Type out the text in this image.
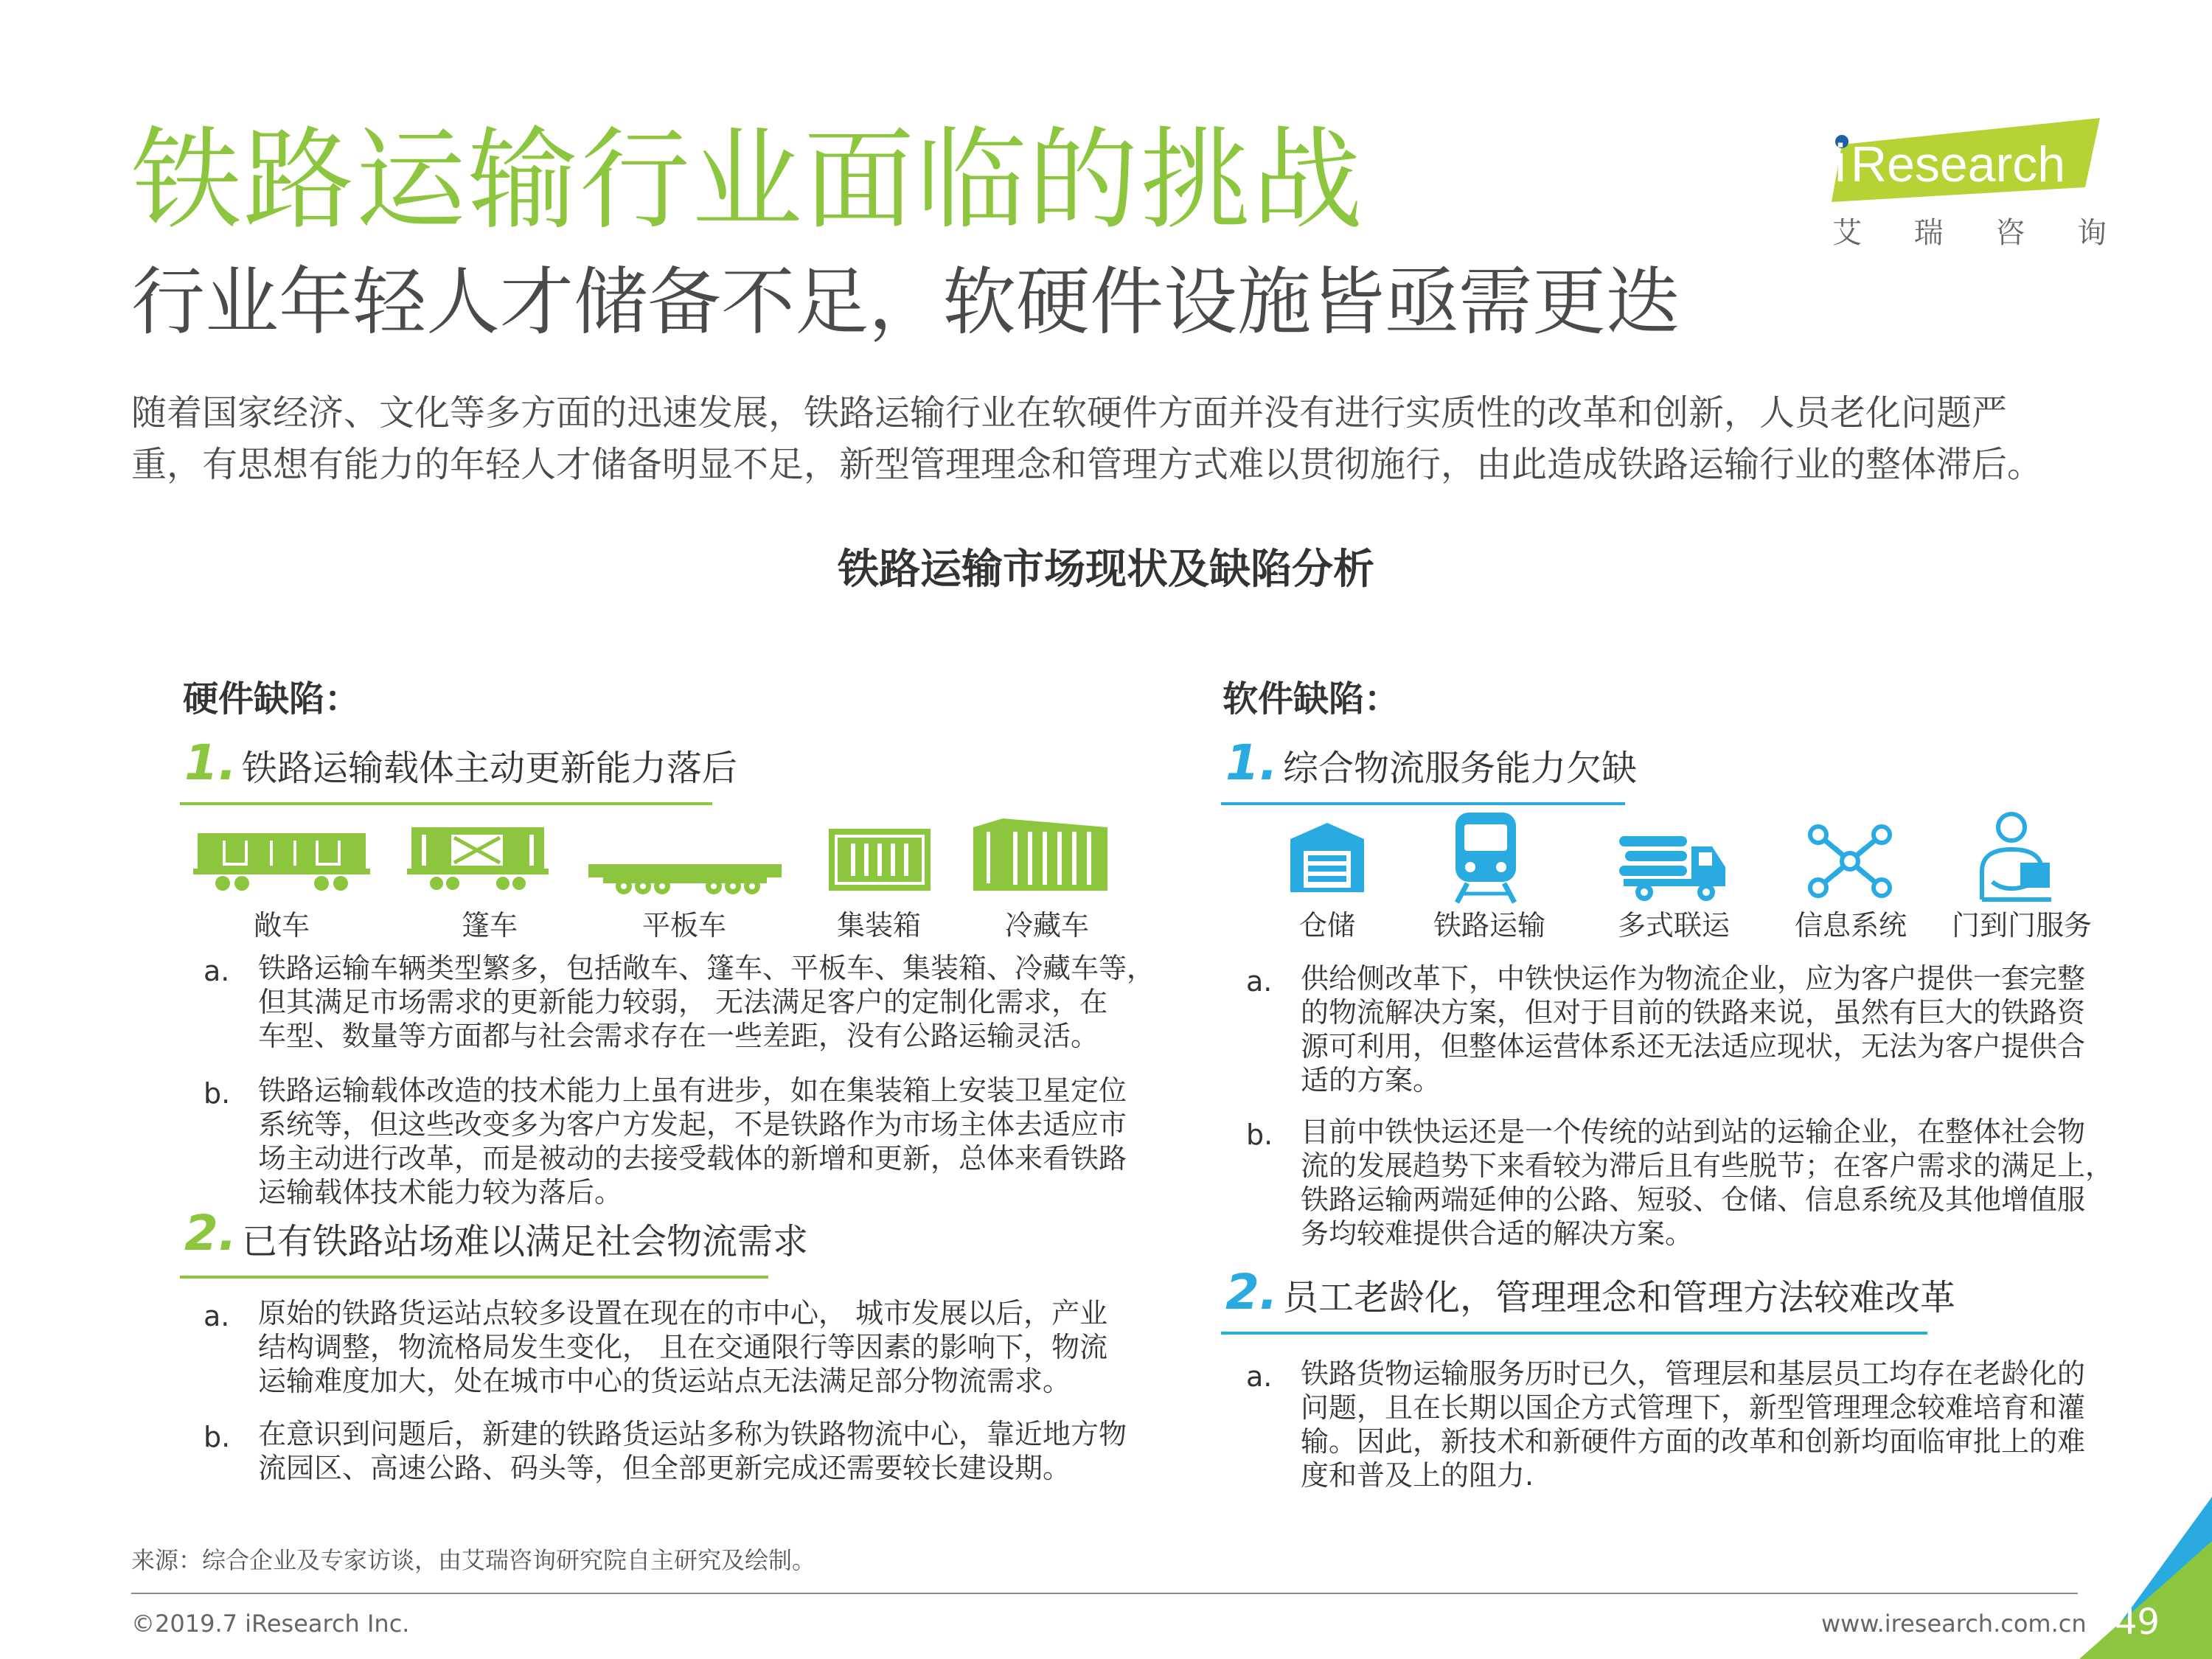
铁路运输行业面临的挑战
行业年轻人才储备不足，软硬件设施皆亟需更迭
随着国家经济、文化等多方面的迅速发展，铁路运输行业在软硬件方面并没有进行实质性的改革和创新，人员老化问题严
重，有思想有能力的年轻人才储备明显不足，新型管理理念和管理方式难以贯彻施行，由此造成铁路运输行业的整体滞后。
i Research
艾 瑞 咨 询
铁路运输市场现状及缺陷分析
硬件缺陷：
1. 铁路运输载体主动更新能力落后
敞车	篷车	平板车	集装箱	冷藏车
a. 铁路运输车辆类型繁多，包括敞车、篷车、平板车、集装箱、冷藏车等，
但其满足市场需求的更新能力较弱， 无法满足客户的定制化需求，在
车型、数量等方面都与社会需求存在一些差距，没有公路运输灵活。
b. 铁路运输载体改造的技术能力上虽有进步，如在集装箱上安装卫星定位
系统等，但这些改变多为客户方发起，不是铁路作为市场主体去适应市
场主动进行改革，而是被动的去接受载体的新增和更新，总体来看铁路
运输载体技术能力较为落后。
2. 已有铁路站场难以满足社会物流需求
a. 原始的铁路货运站点较多设置在现在的市中心， 城市发展以后，产业
结构调整，物流格局发生变化， 且在交通限行等因素的影响下，物流
运输难度加大，处在城市中心的货运站点无法满足部分物流需求。
b. 在意识到问题后，新建的铁路货运站多称为铁路物流中心，靠近地方物
流园区、高速公路、码头等，但全部更新完成还需要较长建设期。
软件缺陷：
1. 综合物流服务能力欠缺
仓储	铁路运输	多式联运	信息系统	门到门服务
a. 供给侧改革下，中铁快运作为物流企业，应为客户提供一套完整
的物流解决方案，但对于目前的铁路来说，虽然有巨大的铁路资
源可利用，但整体运营体系还无法适应现状，无法为客户提供合
适的方案。
b. 目前中铁快运还是一个传统的站到站的运输企业，在整体社会物
流的发展趋势下来看较为滞后且有些脱节；在客户需求的满足上，
铁路运输两端延伸的公路、短驳、仓储、信息系统及其他增值服
务均较难提供合适的解决方案。
2. 员工老龄化，管理理念和管理方法较难改革
a. 铁路货物运输服务历时已久，管理层和基层员工均存在老龄化的
问题，且在长期以国企方式管理下，新型管理理念较难培育和灌
输。因此，新技术和新硬件方面的改革和创新均面临审批上的难
度和普及上的阻力.
来源：综合企业及专家访谈，由艾瑞咨询研究院自主研究及绘制。
©2019.7 iResearch Inc.	www.iresearch.com.cn 49
